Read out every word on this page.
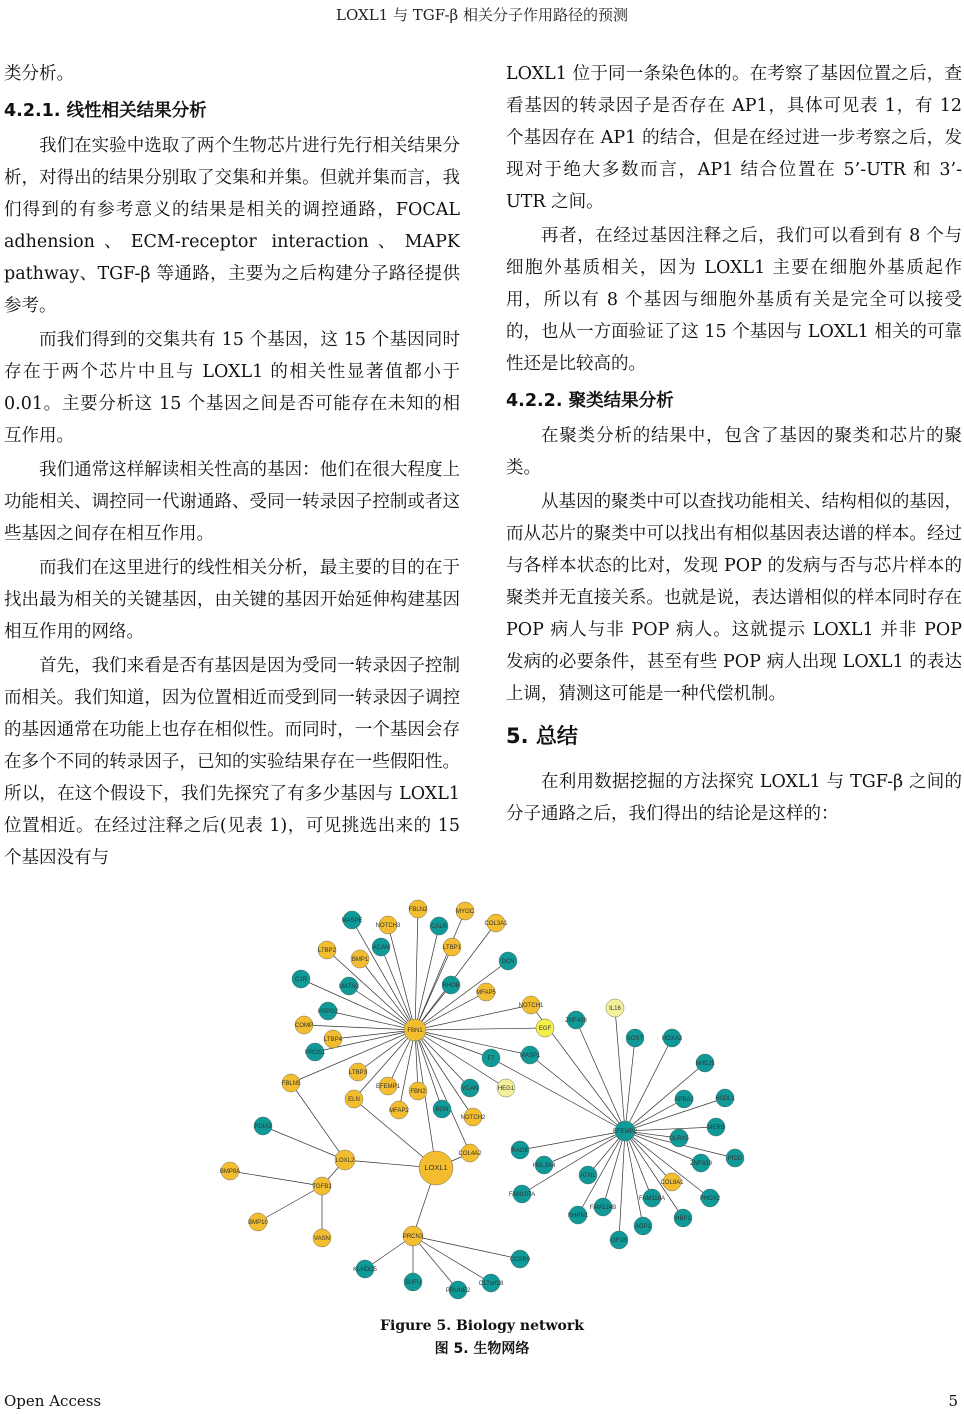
LOXL1 与 TGF-β 相关分子作用路径的预测

类分析。

4.2.1. 线性相关结果分析

我们在实验中选取了两个生物芯片进行先行相关结果分析，对得出的结果分别取了交集和并集。但就并集而言，我们得到的有参考意义的结果是相关的调控通路，FOCAL adhension、ECM-receptor interaction、MAPK pathway、TGF-β 等通路，主要为之后构建分子路径提供参考。

而我们得到的交集共有 15 个基因，这 15 个基因同时存在于两个芯片中且与 LOXL1 的相关性显著值都小于 0.01。主要分析这 15 个基因之间是否可能存在未知的相互作用。

我们通常这样解读相关性高的基因：他们在很大程度上功能相关、调控同一代谢通路、受同一转录因子控制或者这些基因之间存在相互作用。

而我们在这里进行的线性相关分析，最主要的目的在于找出最为相关的关键基因，由关键的基因开始延伸构建基因相互作用的网络。

首先，我们来看是否有基因是因为受同一转录因子控制而相关。我们知道，因为位置相近而受到同一转录因子调控的基因通常在功能上也存在相似性。而同时，一个基因会存在多个不同的转录因子，已知的实验结果存在一些假阳性。所以，在这个假设下，我们先探究了有多少基因与 LOXL1 位置相近。在经过注释之后(见表 1)，可见挑选出来的 15 个基因没有与

LOXL1 位于同一条染色体的。在考察了基因位置之后，查看基因的转录因子是否存在 AP1，具体可见表 1，有 12 个基因存在 AP1 的结合，但是在经过进一步考察之后，发现对于绝大多数而言，AP1 结合位置在 5’-UTR 和 3’-UTR 之间。

再者，在经过基因注释之后，我们可以看到有 8 个与细胞外基质相关，因为 LOXL1 主要在细胞外基质起作用，所以有 8 个基因与细胞外基质有关是完全可以接受的，也从一方面验证了这 15 个基因与 LOXL1 相关的可靠性还是比较高的。

4.2.2. 聚类结果分析

在聚类分析的结果中，包含了基因的聚类和芯片的聚类。

从基因的聚类中可以查找功能相关、结构相似的基因，而从芯片的聚类中可以找出有相似基因表达谱的样本。经过与各样本状态的比对，发现 POP 的发病与否与芯片样本的聚类并无直接关系。也就是说，表达谱相似的样本同时存在 POP 病人与非 POP 病人。这就提示 LOXL1 并非 POP 发病的必要条件，甚至有些 POP 病人出现 LOXL1 的表达上调，猜测这可能是一种代偿机制。

5. 总结

在利用数据挖掘的方法探究 LOXL1 与 TGF-β 之间的分子通路之后，我们得出的结论是这样的：

MASPE
NOTCH3
FBLN2
CALR
MYOC
COL3A1
LTBP2	ACAN
BMP1
LTBP1
DCN
C1R
MATN3	RHOB
MFAP5
HSPG2
NOTCH1	IL16
COMP
FBN1	EGF
ZNF436
LTBP4	SOST	HOXA3
PROS1
F7	MASP1
NHEJ1
LTBP3
FBLN5	EFEMP1
FBN2	VCAN	HEG1
APBA2	HSDL1
ELN
MFAP2	BGN
NOTCH2
MERB
PDIA3
EFEMP2
GLRX5
COL4A2	RAGE
PIDD
LOXL2
LOXL1	HSL3A4	ZNF639
BMP8A
ATN1
COL8A1
TGFB1
FAM107A
FAM118A	PHOX2
FAM124B
BMP10
RHPN1	HBP1
AGP1
GF1B
VASN	PRCN3
CCSR9
KLHDC5
SUFU	C17orf28
PRUNE2
Figure 5. Biology network
图 5. 生物网络
Open Access	5
